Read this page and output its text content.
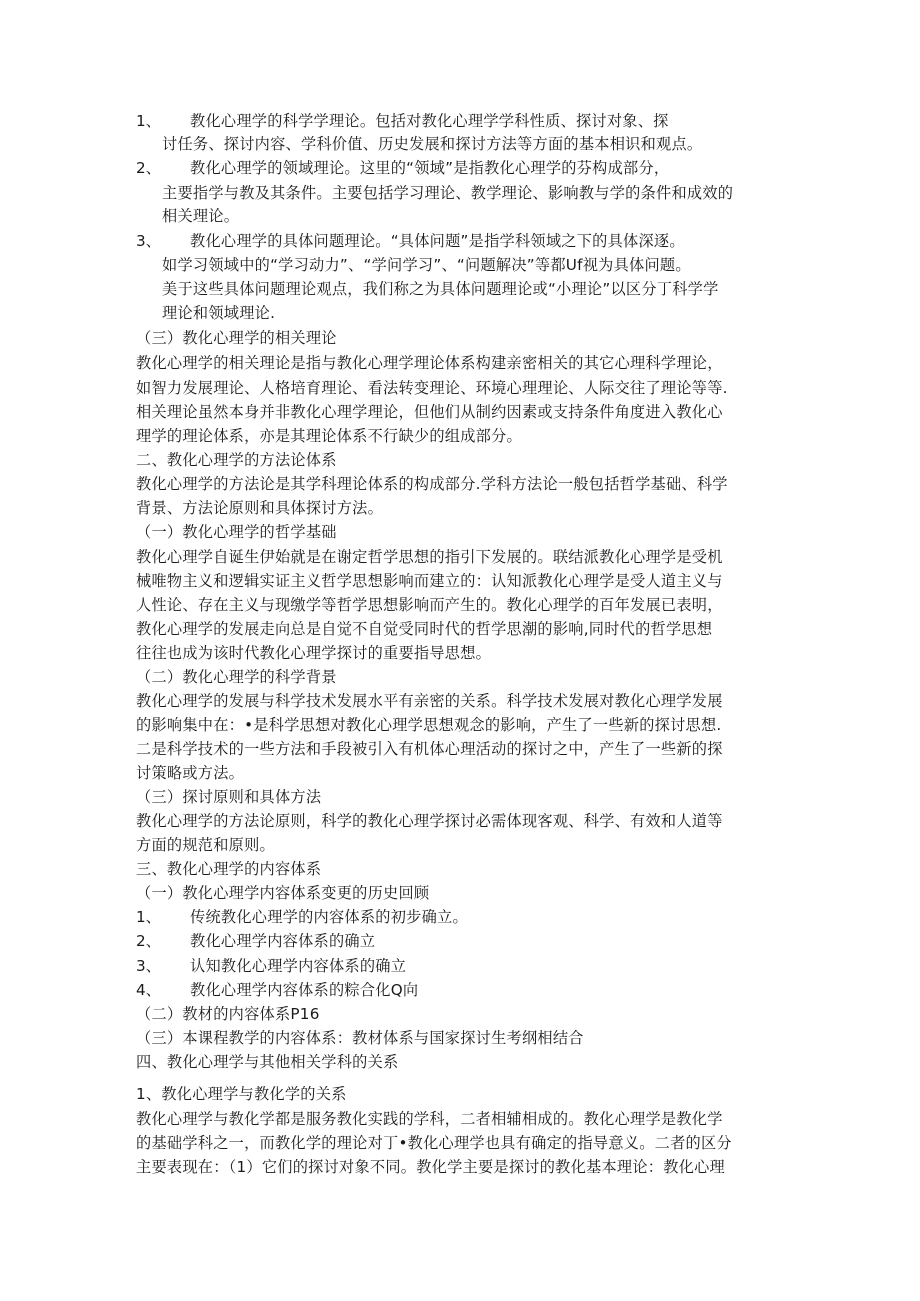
1、 教化心理学的科学学理论。包括对教化心理学学科性质、探讨对象、探
讨任务、探讨内容、学科价值、历史发展和探讨方法等方面的基本相识和观点。
2、 教化心理学的领域理论。这里的“领域”是指教化心理学的芬构成部分，
主要指学与教及其条件。主要包括学习理论、教学理论、影响教与学的条件和成效的
相关理论。
3、 教化心理学的具体问题理论。“具体问题”是指学科领域之下的具体深逐。
如学习领域中的“学习动力”、“学问学习”、“问题解决”等都Uf视为具体问题。
美于这些具体问题理论观点，我们称之为具体问题理论或“小理论”以区分丁科学学
理论和领域理论.
（三）教化心理学的相关理论
教化心理学的相关理论是指与教化心理学理论体系构建亲密相关的其它心理科学理论，
如智力发展理论、人格培育理论、看法转变理论、环境心理理论、人际交往了理论等等.
相关理论虽然本身并非教化心理学理论，但他们从制约因素或支持条件角度进入教化心
理学的理论体系，亦是其理论体系不行缺少的组成部分。
二、教化心理学的方法论体系
教化心理学的方法论是其学科理论体系的构成部分.学科方法论一般包括哲学基础、科学
背景、方法论原则和具体探讨方法。
（一）教化心理学的哲学基础
教化心理学自诞生伊始就是在谢定哲学思想的指引下发展的。联结派教化心理学是受机
械唯物主义和逻辑实证主义哲学思想影响而建立的：认知派教化心理学是受人道主义与
人性论、存在主义与现缴学等哲学思想影响而产生的。教化心理学的百年发展已表明，
教化心理学的发展走向总是自觉不自觉受同时代的哲学思潮的影响,同时代的哲学思想
往往也成为该时代教化心理学探讨的重要指导思想。
（二）教化心理学的科学背景
教化心理学的发展与科学技术发展水平有亲密的关系。科学技术发展对教化心理学发展
的影响集中在：•是科学思想对教化心理学思想观念的影响，产生了一些新的探讨思想.
二是科学技术的一些方法和手段被引入有机体心理活动的探讨之中，产生了一些新的探
讨策略或方法。
（三）探讨原则和具体方法
教化心理学的方法论原则，科学的教化心理学探讨必需体现客观、科学、有效和人道等
方面的规范和原则。
三、教化心理学的内容体系
（一）教化心理学内容体系变更的历史回顾
1、 传统教化心理学的内容体系的初步确立。
2、 教化心理学内容体系的确立
3、 认知教化心理学内容体系的确立
4、 教化心理学内容体系的粽合化Q向
（二）教材的内容体系P16
（三）本课程教学的内容体系：教材体系与国家探讨生考纲相结合
四、教化心理学与其他相关学科的关系
1、教化心理学与教化学的关系
教化心理学与教化学都是服务教化实践的学科，二者相辅相成的。教化心理学是教化学
的基础学科之一，而教化学的理论对丁•教化心理学也具有确定的指导意义。二者的区分
主要表现在：（1）它们的探讨对象不同。教化学主要是探讨的教化基本理论：教化心理
